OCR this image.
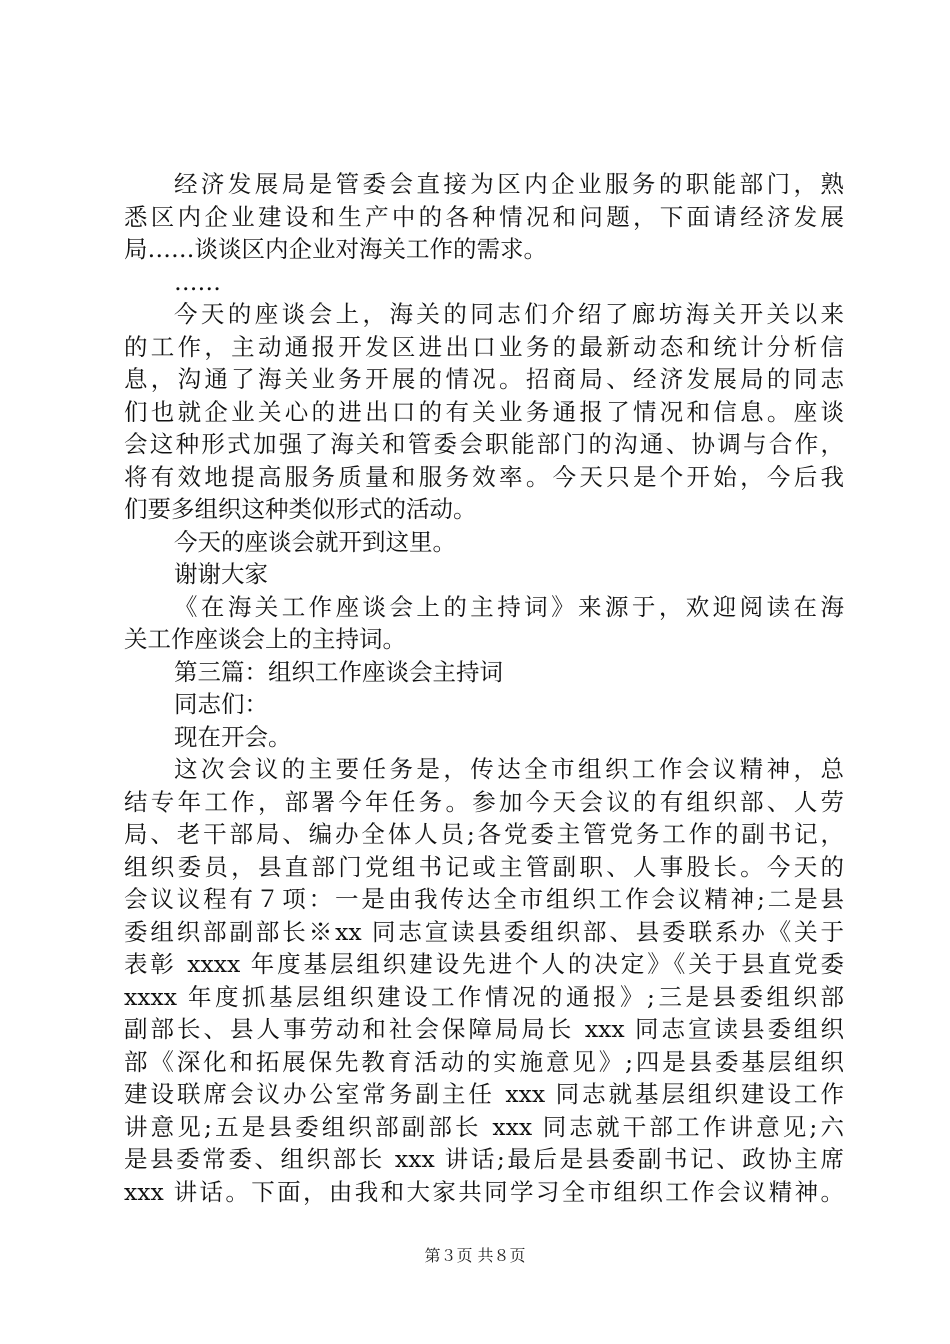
经济发展局是管委会直接为区内企业服务的职能部门，熟
悉区内企业建设和生产中的各种情况和问题，下面请经济发展
局……谈谈区内企业对海关工作的需求。
……
今天的座谈会上，海关的同志们介绍了廊坊海关开关以来
的工作，主动通报开发区进出口业务的最新动态和统计分析信
息，沟通了海关业务开展的情况。招商局、经济发展局的同志
们也就企业关心的进出口的有关业务通报了情况和信息。座谈
会这种形式加强了海关和管委会职能部门的沟通、协调与合作，
将有效地提高服务质量和服务效率。今天只是个开始，今后我
们要多组织这种类似形式的活动。
今天的座谈会就开到这里。
谢谢大家
《在海关工作座谈会上的主持词》来源于，欢迎阅读在海
关工作座谈会上的主持词。
第三篇：组织工作座谈会主持词
同志们：
现在开会。
这次会议的主要任务是，传达全市组织工作会议精神，总
结专年工作，部署今年任务。参加今天会议的有组织部、人劳
局、老干部局、编办全体人员;各党委主管党务工作的副书记，
组织委员，县直部门党组书记或主管副职、人事股长。今天的
会议议程有７项：一是由我传达全市组织工作会议精神;二是县
委组织部副部长※xx 同志宣读县委组织部、县委联系办《关于
表彰 xxxx 年度基层组织建设先进个人的决定》《关于县直党委
xxxx 年度抓基层组织建设工作情况的通报》;三是县委组织部
副部长、县人事劳动和社会保障局局长 xxx 同志宣读县委组织
部《深化和拓展保先教育活动的实施意见》;四是县委基层组织
建设联席会议办公室常务副主任 xxx 同志就基层组织建设工作
讲意见;五是县委组织部副部长 xxx 同志就干部工作讲意见;六
是县委常委、组织部长 xxx 讲话;最后是县委副书记、政协主席
xxx 讲话。下面，由我和大家共同学习全市组织工作会议精神。
第３页 共８页
